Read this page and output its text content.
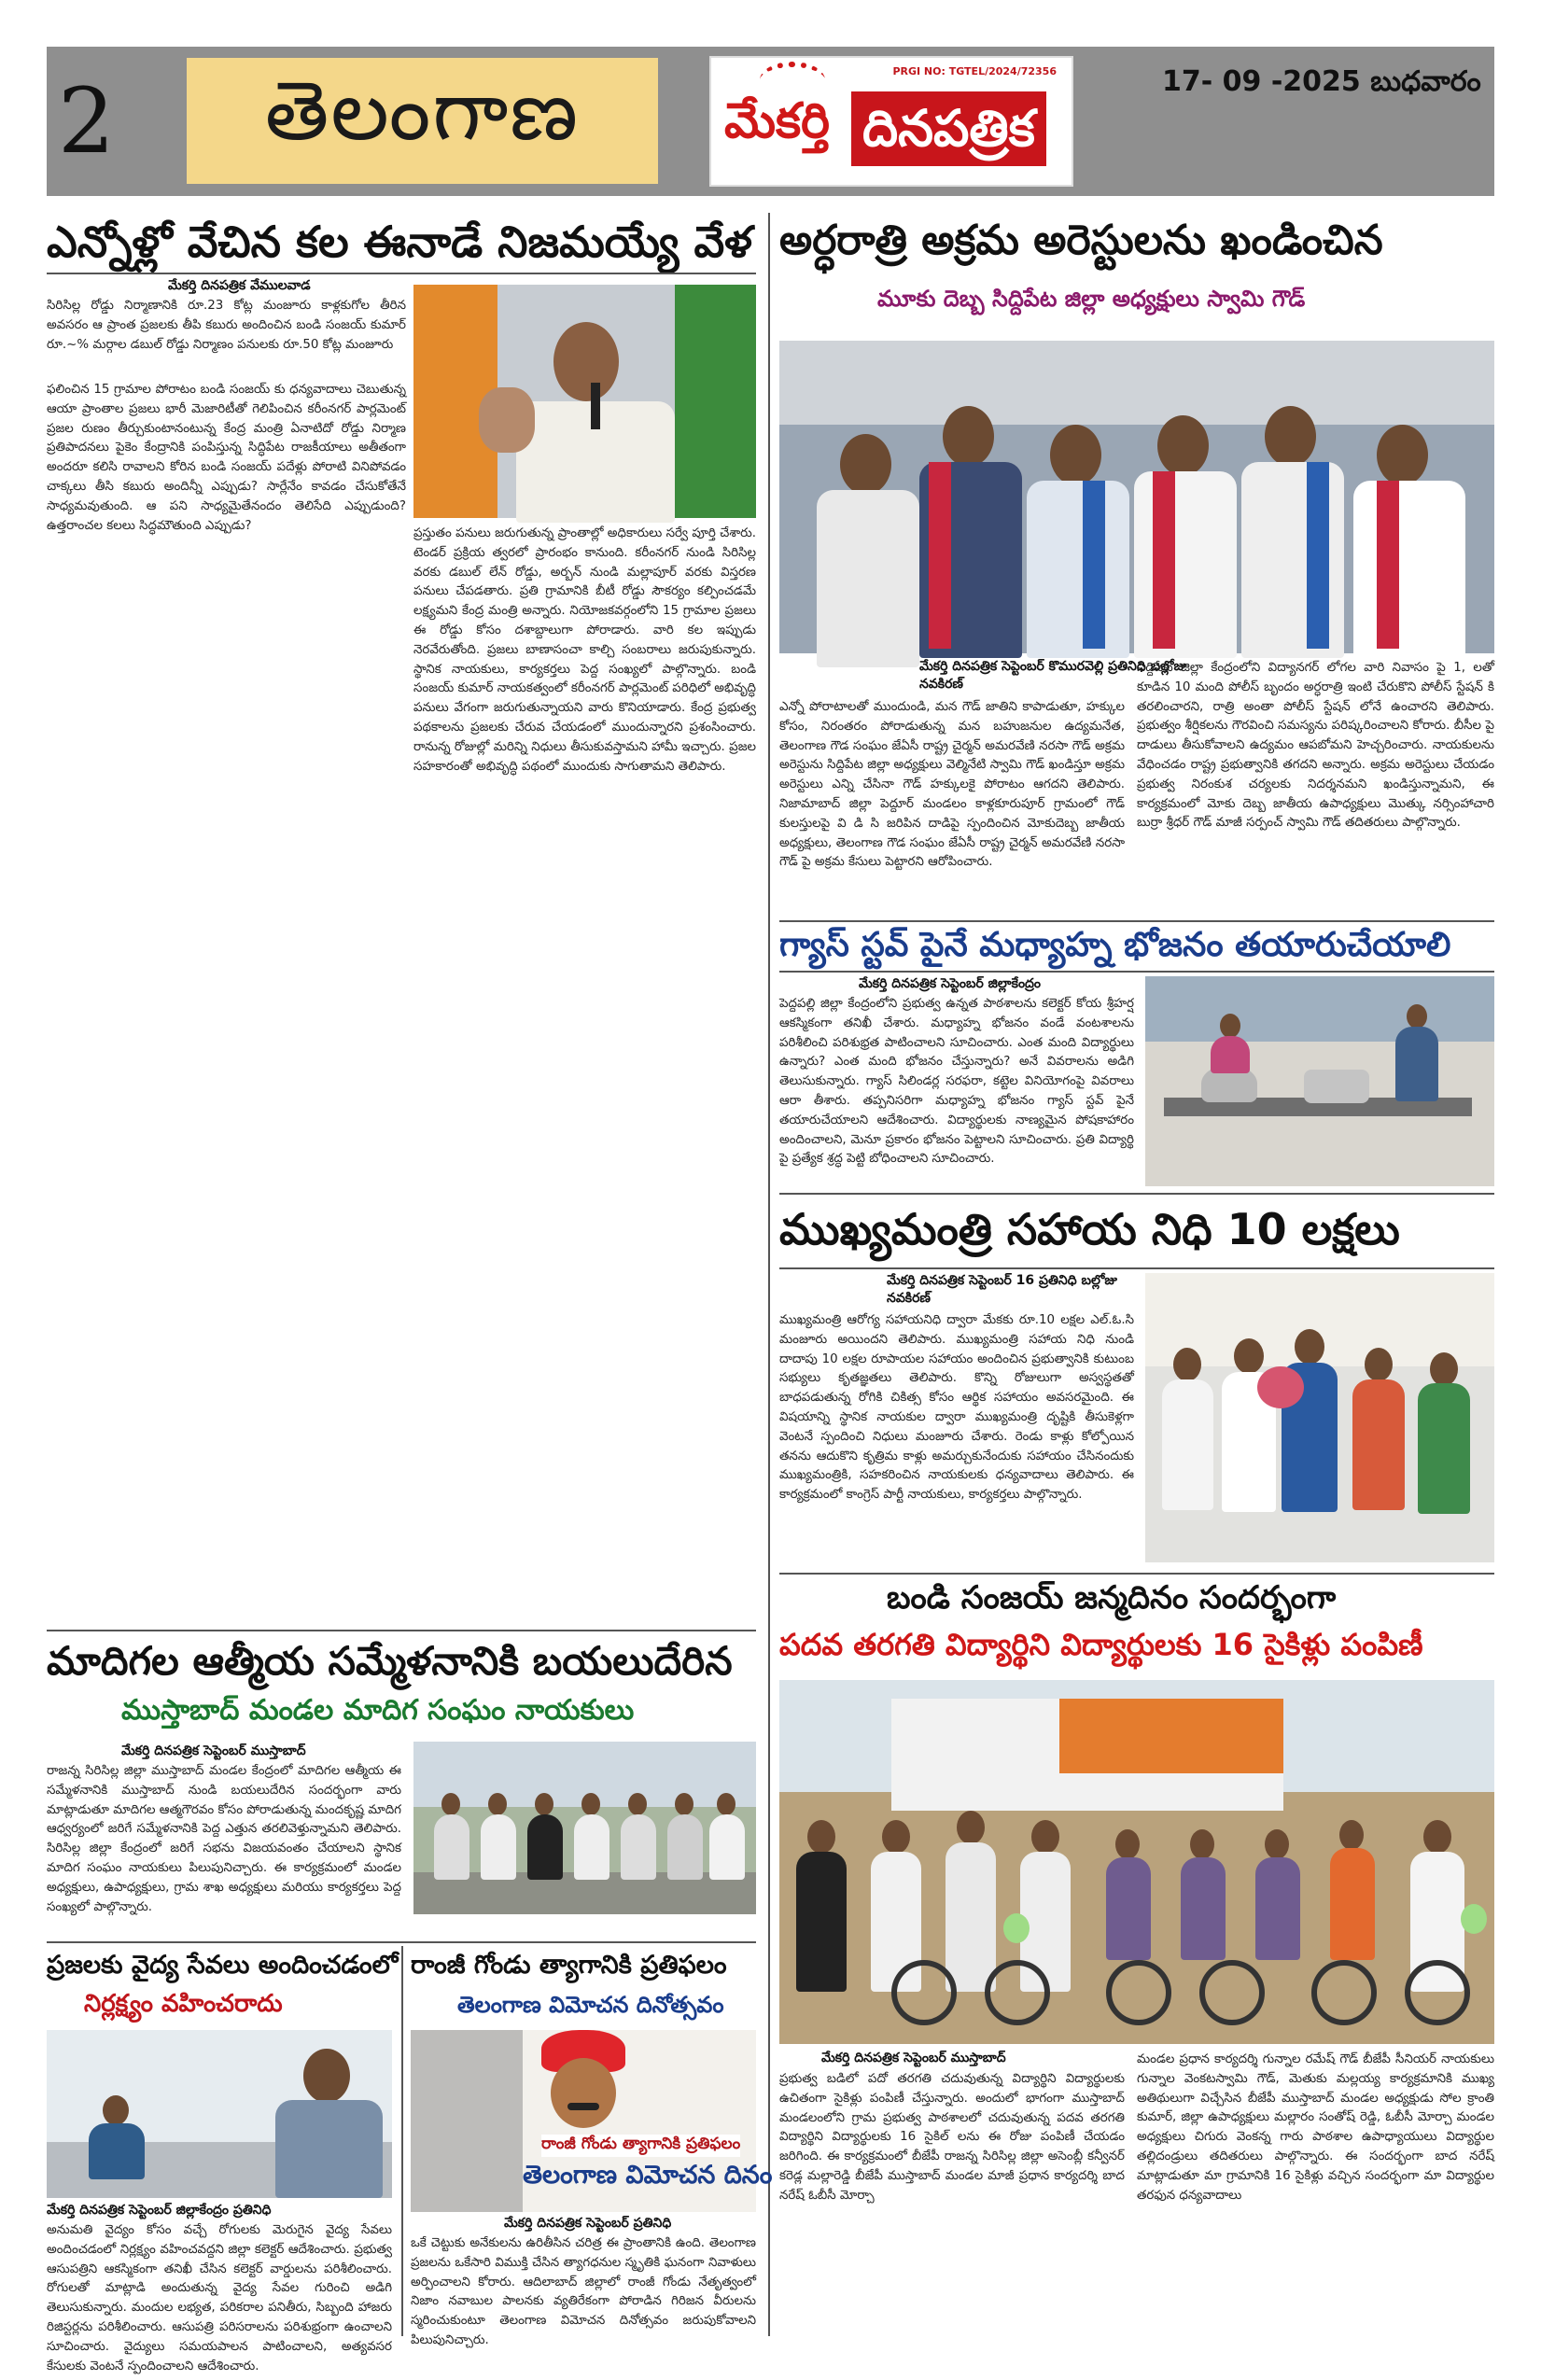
2 తెలంగాణ	PRGI NO: TGTEL/2024/72356
మేకర్తి దినపత్రిక
17- 09 -2025 బుధవారం
ఎన్నోళ్లో వేచిన కల ఈనాడే నిజమయ్యే వేళ
మేకర్తి దినపత్రిక వేములవాడ
సిరిసిల్ల రోడ్డు నిర్మాణానికి రూ.23 కోట్ల మంజూరు కాళ్లకుగోల తీరిన అవసరం ఆ ప్రాంత ప్రజలకు తీపి కబురు అందించిన బండి సంజయ్ కుమార్ రూ.~% మర్గాల డబుల్ రోడ్డు నిర్మాణం పనులకు రూ.50 కోట్ల మంజూరు
ఫలించిన 15 గ్రామాల పోరాటం బండి సంజయ్ కు ధన్యవాదాలు చెబుతున్న ఆయా ప్రాంతాల ప్రజలు భారీ మెజారిటీతో గెలిపించిన కరీంనగర్ పార్లమెంట్ ప్రజల రుణం తీర్చుకుంటానంటున్న కేంద్ర మంత్రి ఏనాటిదో రోడ్డు నిర్మాణ ప్రతిపాదనలు పైకెం కేంద్రానికి పంపిస్తున్న సిద్ధిపేట రాజకీయాలు అతీతంగా అందరూ కలిసి రావాలని కోరిన బండి సంజయ్ పదేళ్లు పోరాటి వినిపోవడం చాక్కలు తీసి కబురు అందిన్నీ ఎప్పుడు? సార్లేనేం కావడం చేసుకోతేనే సాధ్యమవుతుంది. ఆ పని సాధ్యమైతేనందం తెలిసేది ఎప్పుడుంది? ఉత్తరాంచల కలలు సిద్ధమౌతుంది ఎప్పుడు?
ప్రస్తుతం పనులు జరుగుతున్న ప్రాంతాల్లో అధికారులు సర్వే పూర్తి చేశారు. టెండర్ ప్రక్రియ త్వరలో ప్రారంభం కానుంది. కరీంనగర్ నుండి సిరిసిల్ల వరకు డబుల్ లేన్ రోడ్డు, అర్బన్ నుండి మల్లాపూర్ వరకు విస్తరణ పనులు చేపడతారు. ప్రతి గ్రామానికి బీటీ రోడ్డు సౌకర్యం కల్పించడమే లక్ష్యమని కేంద్ర మంత్రి అన్నారు. నియోజకవర్గంలోని 15 గ్రామాల ప్రజలు ఈ రోడ్డు కోసం దశాబ్దాలుగా పోరాడారు. వారి కల ఇప్పుడు నెరవేరుతోంది. ప్రజలు బాణాసంచా కాల్చి సంబరాలు జరుపుకున్నారు. స్థానిక నాయకులు, కార్యకర్తలు పెద్ద సంఖ్యలో పాల్గొన్నారు. బండి సంజయ్ కుమార్ నాయకత్వంలో కరీంనగర్ పార్లమెంట్ పరిధిలో అభివృద్ధి పనులు వేగంగా జరుగుతున్నాయని వారు కొనియాడారు. కేంద్ర ప్రభుత్వ పథకాలను ప్రజలకు చేరువ చేయడంలో ముందున్నారని ప్రశంసించారు. రానున్న రోజుల్లో మరిన్ని నిధులు తీసుకువస్తామని హామీ ఇచ్చారు. ప్రజల సహకారంతో అభివృద్ధి పథంలో ముందుకు సాగుతామని తెలిపారు.
మాదిగల ఆత్మీయ సమ్మేళనానికి బయలుదేరిన
ముస్తాబాద్ మండల మాదిగ సంఘం నాయకులు
మేకర్తి దినపత్రిక సెప్టెంబర్ ముస్తాబాద్
రాజన్న సిరిసిల్ల జిల్లా ముస్తాబాద్ మండల కేంద్రంలో మాదిగల ఆత్మీయ ఈ సమ్మేళనానికి ముస్తాబాద్ నుండి బయలుదేరిన సందర్భంగా వారు మాట్లాడుతూ మాదిగల ఆత్మగౌరవం కోసం పోరాడుతున్న మందకృష్ణ మాదిగ ఆధ్వర్యంలో జరిగే సమ్మేళనానికి పెద్ద ఎత్తున తరలివెళ్తున్నామని తెలిపారు. సిరిసిల్ల జిల్లా కేంద్రంలో జరిగే సభను విజయవంతం చేయాలని స్థానిక మాదిగ సంఘం నాయకులు పిలుపునిచ్చారు. ఈ కార్యక్రమంలో మండల అధ్యక్షులు, ఉపాధ్యక్షులు, గ్రామ శాఖ అధ్యక్షులు మరియు కార్యకర్తలు పెద్ద సంఖ్యలో పాల్గొన్నారు.
ప్రజలకు వైద్య సేవలు అందించడంలో
నిర్లక్ష్యం వహించరాదు
మేకర్తి దినపత్రిక సెప్టెంబర్ జిల్లాకేంద్రం ప్రతినిధి
అనుమతి వైద్యం కోసం వచ్చే రోగులకు మెరుగైన వైద్య సేవలు అందించడంలో నిర్లక్ష్యం వహించవద్దని జిల్లా కలెక్టర్ ఆదేశించారు. ప్రభుత్వ ఆసుపత్రిని ఆకస్మికంగా తనిఖీ చేసిన కలెక్టర్ వార్డులను పరిశీలించారు. రోగులతో మాట్లాడి అందుతున్న వైద్య సేవల గురించి అడిగి తెలుసుకున్నారు. మందుల లభ్యత, పరికరాల పనితీరు, సిబ్బంది హాజరు రిజిస్టర్లను పరిశీలించారు. ఆసుపత్రి పరిసరాలను పరిశుభ్రంగా ఉంచాలని సూచించారు. వైద్యులు సమయపాలన పాటించాలని, అత్యవసర కేసులకు వెంటనే స్పందించాలని ఆదేశించారు.
రాంజీ గోండు త్యాగానికి ప్రతిఫలం
తెలంగాణ విమోచన దినోత్సవం
రాంజీ గోండు త్యాగానికి ప్రతిఫలం
తెలంగాణ విమోచన దినం
మేకర్తి దినపత్రిక సెప్టెంబర్ ప్రతినిధి
ఒకే చెట్టుకు అనేకులను ఉరితీసిన చరిత్ర ఈ ప్రాంతానికి ఉంది. తెలంగాణ ప్రజలను ఒకేసారి విముక్తి చేసిన త్యాగధనుల స్మృతికి ఘనంగా నివాళులు అర్పించాలని కోరారు. ఆదిలాబాద్ జిల్లాలో రాంజీ గోండు నేతృత్వంలో నిజాం నవాబుల పాలనకు వ్యతిరేకంగా పోరాడిన గిరిజన వీరులను స్మరించుకుంటూ తెలంగాణ విమోచన దినోత్సవం జరుపుకోవాలని పిలుపునిచ్చారు.
అర్ధరాత్రి అక్రమ అరెస్టులను ఖండించిన
మూకు దెబ్బ సిద్దిపేట జిల్లా అధ్యక్షులు స్వామి గౌడ్
మేకర్తి దినపత్రిక సెప్టెంబర్ కొమురవెల్లి ప్రతినిధి బల్లోజు నవకిరణ్
ఎన్నో పోరాటాలతో ముందుండి, మన గౌడ్ జాతిని కాపాడుతూ, హక్కుల కోసం, నిరంతరం పోరాడుతున్న మన బహుజనుల ఉద్యమనేత, తెలంగాణ గౌడ సంఘం జేఏసీ రాష్ట్ర చైర్మన్ అమరవేణి నరసా గౌడ్ అక్రమ అరెస్టును సిద్దిపేట జిల్లా అధ్యక్షులు వెల్మినేటి స్వామి గౌడ్ ఖండిస్తూ అక్రమ అరెస్టులు ఎన్ని చేసినా గౌడ్ హక్కులకై పోరాటం ఆగదని తెలిపారు. నిజామాబాద్ జిల్లా పెద్దూర్ మండలం కాళ్లకూరుపూర్ గ్రామంలో గౌడ్ కులస్తులపై వి డి సి జరిపిన దాడిపై స్పందించిన మోకుదెబ్బ జాతీయ అధ్యక్షులు, తెలంగాణ గౌడ సంఘం జేఏసీ రాష్ట్ర చైర్మన్ అమరవేణి నరసా గౌడ్ పై అక్రమ కేసులు పెట్టారని ఆరోపించారు.
సిద్దిపేట జిల్లా కేంద్రంలోని విద్యానగర్ లోగల వారి నివాసం పై 1, లతో కూడిన 10 మంది పోలీస్ బృందం అర్ధరాత్రి ఇంటి చేరుకొని పోలీస్ స్టేషన్ కి తరలించారని, రాత్రి అంతా పోలీస్ స్టేషన్ లోనే ఉంచారని తెలిపారు. ప్రభుత్వం శీర్షికలను గౌరవించి సమస్యను పరిష్కరించాలని కోరారు. బీసీల పై దాడులు తీసుకోవాలని ఉద్యమం ఆపబోమని హెచ్చరించారు. నాయకులను వేధించడం రాష్ట్ర ప్రభుత్వానికి తగదని అన్నారు. అక్రమ అరెస్టులు చేయడం ప్రభుత్వ నిరంకుశ చర్యలకు నిదర్శనమని ఖండిస్తున్నామని, ఈ కార్యక్రమంలో మోకు దెబ్బ జాతీయ ఉపాధ్యక్షులు మొత్కు నర్సింహాచారి బుర్రా శ్రీధర్ గౌడ్ మాజీ సర్పంచ్ స్వామి గౌడ్ తదితరులు పాల్గొన్నారు.
గ్యాస్ స్టవ్ పైనే మధ్యాహ్న భోజనం తయారుచేయాలి
మేకర్తి దినపత్రిక సెప్టెంబర్ జిల్లాకేంద్రం
పెద్దపల్లి జిల్లా కేంద్రంలోని ప్రభుత్వ ఉన్నత పాఠశాలను కలెక్టర్ కోయ శ్రీహర్ష ఆకస్మికంగా తనిఖీ చేశారు. మధ్యాహ్న భోజనం వండే వంటశాలను పరిశీలించి పరిశుభ్రత పాటించాలని సూచించారు. ఎంత మంది విద్యార్థులు ఉన్నారు? ఎంత మంది భోజనం చేస్తున్నారు? అనే వివరాలను అడిగి తెలుసుకున్నారు. గ్యాస్ సిలిండర్ల సరఫరా, కట్టెల వినియోగంపై వివరాలు ఆరా తీశారు. తప్పనిసరిగా మధ్యాహ్న భోజనం గ్యాస్ స్టవ్ పైనే తయారుచేయాలని ఆదేశించారు. విద్యార్థులకు నాణ్యమైన పోషకాహారం అందించాలని, మెనూ ప్రకారం భోజనం పెట్టాలని సూచించారు. ప్రతి విద్యార్థి పై ప్రత్యేక శ్రద్ధ పెట్టి బోధించాలని సూచించారు.
ముఖ్యమంత్రి సహాయ నిధి 10 లక్షలు
మేకర్తి దినపత్రిక సెప్టెంబర్ 16 ప్రతినిధి బల్లోజు నవకిరణ్
ముఖ్యమంత్రి ఆరోగ్య సహాయనిధి ద్వారా మేకకు రూ.10 లక్షల ఎల్.ఓ.సి మంజూరు అయిందని తెలిపారు. ముఖ్యమంత్రి సహాయ నిధి నుండి దాదాపు 10 లక్షల రూపాయల సహాయం అందించిన ప్రభుత్వానికి కుటుంబ సభ్యులు కృతజ్ఞతలు తెలిపారు. కొన్ని రోజులుగా అస్వస్థతతో బాధపడుతున్న రోగికి చికిత్స కోసం ఆర్థిక సహాయం అవసరమైంది. ఈ విషయాన్ని స్థానిక నాయకుల ద్వారా ముఖ్యమంత్రి దృష్టికి తీసుకెళ్లగా వెంటనే స్పందించి నిధులు మంజూరు చేశారు. రెండు కాళ్లు కోల్పోయిన తనను ఆదుకొని కృత్రిమ కాళ్లు అమర్చుకునేందుకు సహాయం చేసినందుకు ముఖ్యమంత్రికి, సహకరించిన నాయకులకు ధన్యవాదాలు తెలిపారు. ఈ కార్యక్రమంలో కాంగ్రెస్ పార్టీ నాయకులు, కార్యకర్తలు పాల్గొన్నారు.
బండి సంజయ్ జన్మదినం సందర్భంగా
పదవ తరగతి విద్యార్థిని విద్యార్థులకు 16 సైకిళ్లు పంపిణీ
మేకర్తి దినపత్రిక సెప్టెంబర్ ముస్తాబాద్
ప్రభుత్వ బడిలో పదో తరగతి చదువుతున్న విద్యార్థిని విద్యార్థులకు ఉచితంగా సైకిళ్లు పంపిణీ చేస్తున్నారు. అందులో భాగంగా ముస్తాబాద్ మండలంలోని గ్రామ ప్రభుత్వ పాఠశాలలో చదువుతున్న పదవ తరగతి విద్యార్థిని విద్యార్థులకు 16 సైకిల్ లను ఈ రోజు పంపిణీ చేయడం జరిగింది. ఈ కార్యక్రమంలో బీజేపీ రాజన్న సిరిసిల్ల జిల్లా అసెంబ్లీ కన్వీనర్ కరెడ్ల మల్లారెడ్డి బీజేపీ ముస్తాబాద్ మండల మాజీ ప్రధాన కార్యదర్శి బాద నరేష్ ఓబీసీ మోర్చా
మండల ప్రధాన కార్యదర్శి గున్నాల రమేష్ గౌడ్ బీజేపీ సీనియర్ నాయకులు గున్నాల వెంకటస్వామి గౌడ్, మెతుకు మల్లయ్య కార్యక్రమానికి ముఖ్య అతిథులుగా విచ్చేసిన బీజేపీ ముస్తాబాద్ మండల అధ్యక్షుడు సోల క్రాంతి కుమార్, జిల్లా ఉపాధ్యక్షులు మల్లారం సంతోష్ రెడ్డి, ఓబీసీ మోర్చా మండల అధ్యక్షులు చిగురు వెంకన్న గారు పాఠశాల ఉపాధ్యాయులు విద్యార్థుల తల్లిదండ్రులు తదితరులు పాల్గొన్నారు. ఈ సందర్భంగా బాద నరేష్ మాట్లాడుతూ మా గ్రామానికి 16 సైకిళ్లు వచ్చిన సందర్భంగా మా విద్యార్థుల తరఫున ధన్యవాదాలు
